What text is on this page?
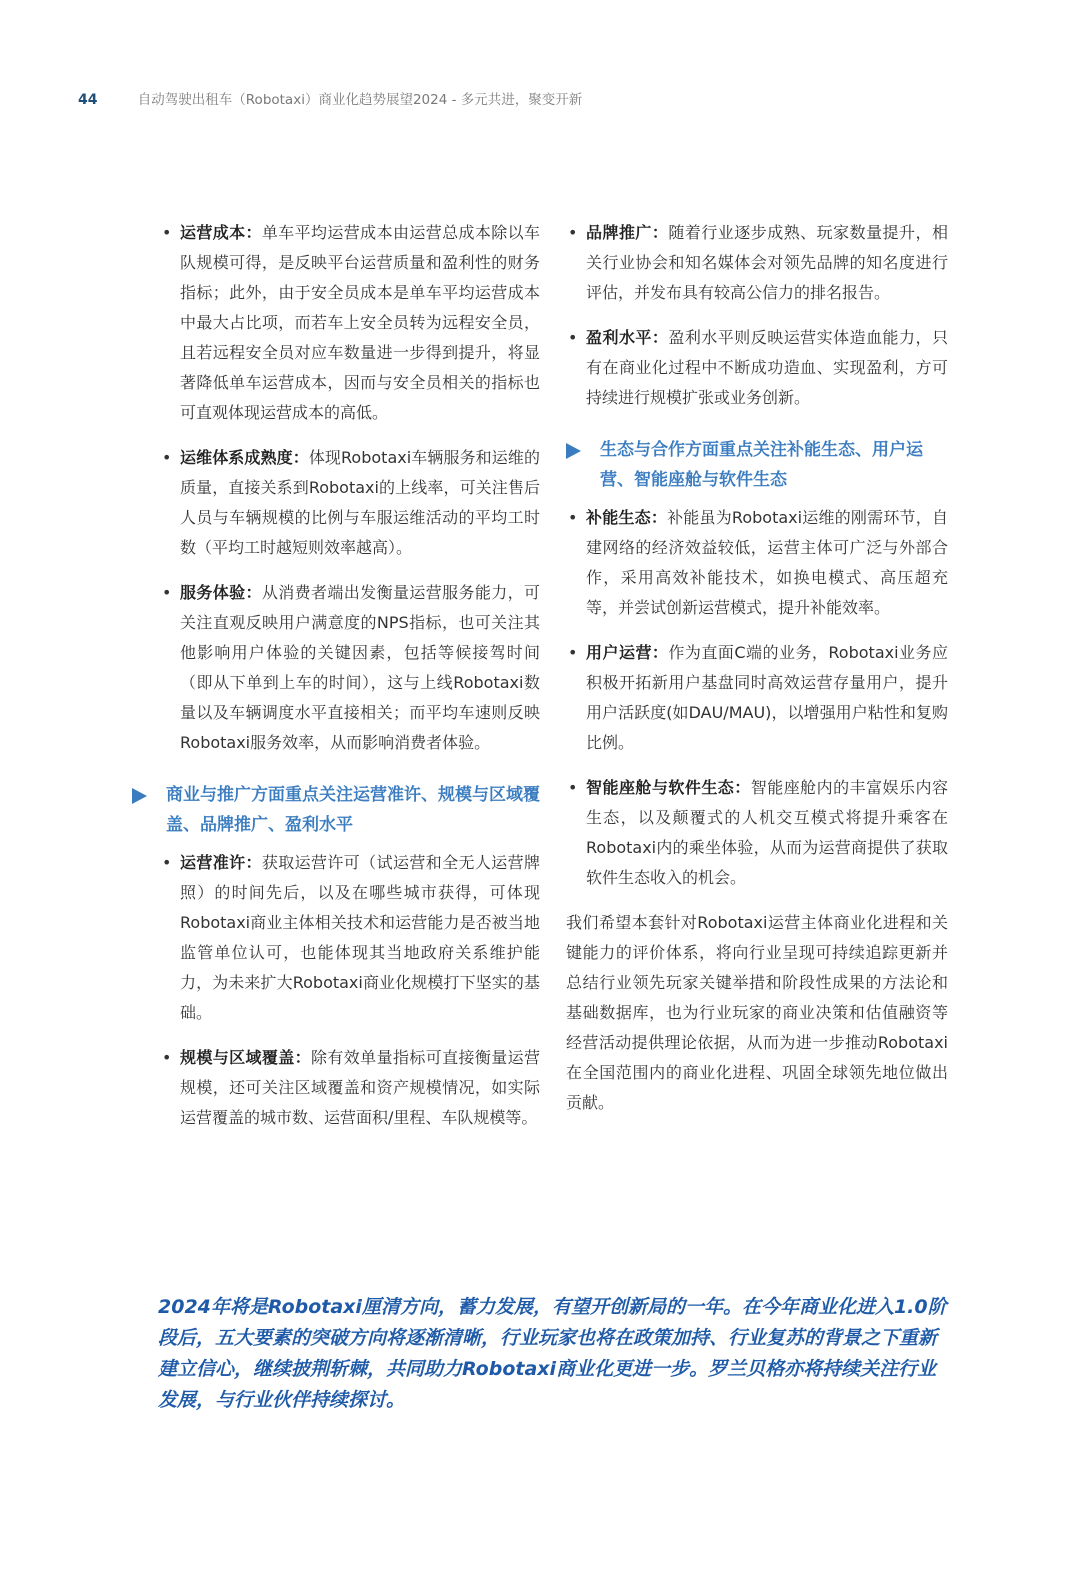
44	自动驾驶出租车（Robotaxi）商业化趋势展望2024 - 多元共进，聚变开新
• 运营成本：单车平均运营成本由运营总成本除以车队规模可得，是反映平台运营质量和盈利性的财务指标；此外，由于安全员成本是单车平均运营成本中最大占比项，而若车上安全员转为远程安全员，且若远程安全员对应车数量进一步得到提升，将显著降低单车运营成本，因而与安全员相关的指标也可直观体现运营成本的高低。
• 运维体系成熟度：体现Robotaxi车辆服务和运维的质量，直接关系到Robotaxi的上线率，可关注售后人员与车辆规模的比例与车服运维活动的平均工时数（平均工时越短则效率越高）。
• 服务体验：从消费者端出发衡量运营服务能力，可关注直观反映用户满意度的NPS指标，也可关注其他影响用户体验的关键因素，包括等候接驾时间（即从下单到上车的时间），这与上线Robotaxi数量以及车辆调度水平直接相关；而平均车速则反映Robotaxi服务效率，从而影响消费者体验。
商业与推广方面重点关注运营准许、规模与区域覆盖、品牌推广、盈利水平
• 运营准许：获取运营许可（试运营和全无人运营牌照）的时间先后，以及在哪些城市获得，可体现Robotaxi商业主体相关技术和运营能力是否被当地监管单位认可，也能体现其当地政府关系维护能力，为未来扩大Robotaxi商业化规模打下坚实的基础。
• 规模与区域覆盖：除有效单量指标可直接衡量运营规模，还可关注区域覆盖和资产规模情况，如实际运营覆盖的城市数、运营面积/里程、车队规模等。
• 品牌推广：随着行业逐步成熟、玩家数量提升，相关行业协会和知名媒体会对领先品牌的知名度进行评估，并发布具有较高公信力的排名报告。
• 盈利水平：盈利水平则反映运营实体造血能力，只有在商业化过程中不断成功造血、实现盈利，方可持续进行规模扩张或业务创新。
生态与合作方面重点关注补能生态、用户运营、智能座舱与软件生态
• 补能生态：补能虽为Robotaxi运维的刚需环节，自建网络的经济效益较低，运营主体可广泛与外部合作，采用高效补能技术，如换电模式、高压超充等，并尝试创新运营模式，提升补能效率。
• 用户运营：作为直面C端的业务，Robotaxi业务应积极开拓新用户基盘同时高效运营存量用户，提升用户活跃度(如DAU/MAU)，以增强用户粘性和复购比例。
• 智能座舱与软件生态：智能座舱内的丰富娱乐内容生态，以及颠覆式的人机交互模式将提升乘客在Robotaxi内的乘坐体验，从而为运营商提供了获取软件生态收入的机会。
我们希望本套针对Robotaxi运营主体商业化进程和关键能力的评价体系，将向行业呈现可持续追踪更新并总结行业领先玩家关键举措和阶段性成果的方法论和基础数据库，也为行业玩家的商业决策和估值融资等经营活动提供理论依据，从而为进一步推动Robotaxi在全国范围内的商业化进程、巩固全球领先地位做出贡献。
2024年将是Robotaxi厘清方向，蓄力发展，有望开创新局的一年。在今年商业化进入1.0阶段后，五大要素的突破方向将逐渐清晰，行业玩家也将在政策加持、行业复苏的背景之下重新建立信心，继续披荆斩棘，共同助力Robotaxi商业化更进一步。罗兰贝格亦将持续关注行业发展，与行业伙伴持续探讨。
